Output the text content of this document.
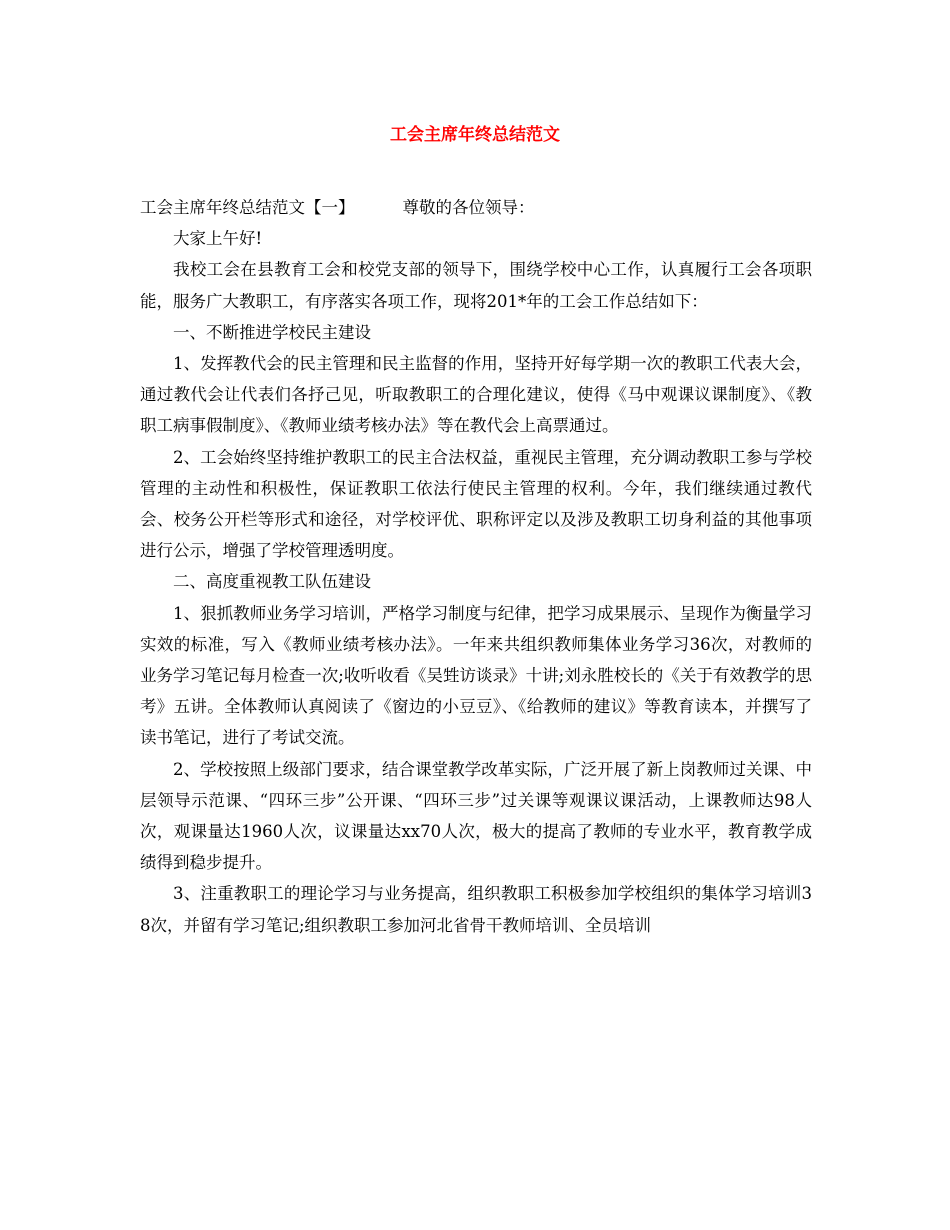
工会主席年终总结范文

工会主席年终总结范文【一】	尊敬的各位领导：

大家上午好!

我校工会在县教育工会和校党支部的领导下，围绕学校中心工作，认真履行工会各项职能，服务广大教职工，有序落实各项工作，现将201*年的工会工作总结如下：

一、不断推进学校民主建设

1、发挥教代会的民主管理和民主监督的作用，坚持开好每学期一次的教职工代表大会，通过教代会让代表们各抒己见，听取教职工的合理化建议，使得《马中观课议课制度》、《教职工病事假制度》、《教师业绩考核办法》等在教代会上高票通过。

2、工会始终坚持维护教职工的民主合法权益，重视民主管理，充分调动教职工参与学校管理的主动性和积极性，保证教职工依法行使民主管理的权利。今年，我们继续通过教代会、校务公开栏等形式和途径，对学校评优、职称评定以及涉及教职工切身利益的其他事项进行公示，增强了学校管理透明度。

二、高度重视教工队伍建设

1、狠抓教师业务学习培训，严格学习制度与纪律，把学习成果展示、呈现作为衡量学习实效的标准，写入《教师业绩考核办法》。一年来共组织教师集体业务学习36次，对教师的业务学习笔记每月检查一次;收听收看《吴甡访谈录》十讲;刘永胜校长的《关于有效教学的思考》五讲。全体教师认真阅读了《窗边的小豆豆》、《给教师的建议》等教育读本，并撰写了读书笔记，进行了考试交流。

2、学校按照上级部门要求，结合课堂教学改革实际，广泛开展了新上岗教师过关课、中层领导示范课、“四环三步”公开课、“四环三步”过关课等观课议课活动，上课教师达98人次，观课量达1960人次，议课量达xx70人次，极大的提高了教师的专业水平，教育教学成绩得到稳步提升。

3、注重教职工的理论学习与业务提高，组织教职工积极参加学校组织的集体学习培训38次，并留有学习笔记;组织教职工参加河北省骨干教师培训、全员培训
